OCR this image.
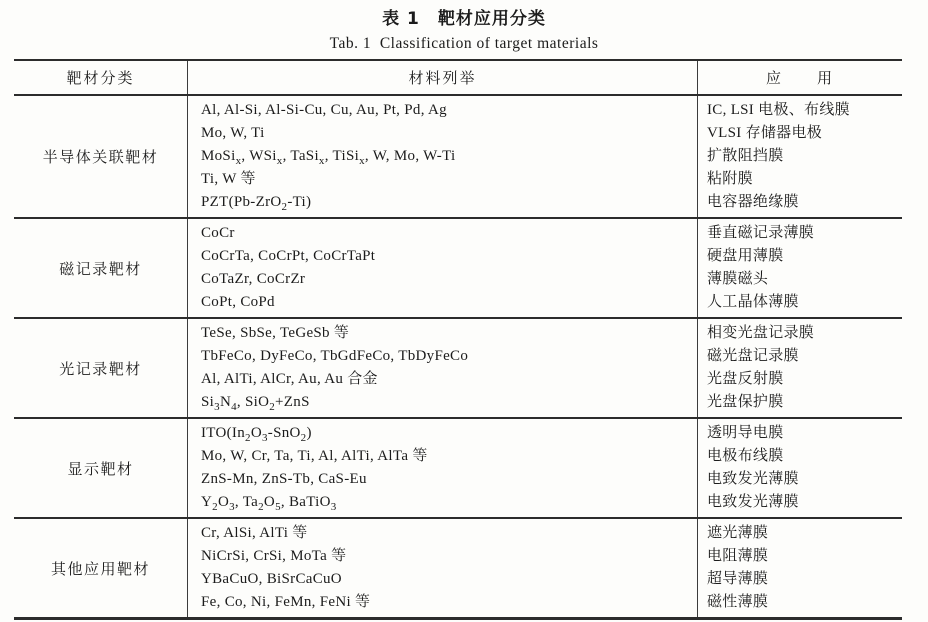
表 1　靶材应用分类
Tab. 1  Classification of target materials
靶材分类	材料列举	应　　用
半导体关联靶材
Al, Al-Si, Al-Si-Cu, Cu, Au, Pt, Pd, Ag
Mo, W, Ti
MoSi$_x$, WSi$_x$, TaSi$_x$, TiSi$_x$, W, Mo, W-Ti
Ti, W 等
PZT(Pb-ZrO$_2$-Ti)
IC, LSI 电极、布线膜
VLSI 存储器电极
扩散阻挡膜
粘附膜
电容器绝缘膜
磁记录靶材
CoCr
CoCrTa, CoCrPt, CoCrTaPt
CoTaZr, CoCrZr
CoPt, CoPd
垂直磁记录薄膜
硬盘用薄膜
薄膜磁头
人工晶体薄膜
光记录靶材
TeSe, SbSe, TeGeSb 等
TbFeCo, DyFeCo, TbGdFeCo, TbDyFeCo
Al, AlTi, AlCr, Au, Au 合金
$Si_3N_4$, SiO$_2$+ZnS
相变光盘记录膜
磁光盘记录膜
光盘反射膜
光盘保护膜
显示靶材
$ITO(In_2O_3-SnO_2)$
Mo, W, Cr, Ta, Ti, Al, AlTi, AlTa 等
ZnS-Mn, ZnS-Tb, CaS-Eu
$Y_2O_3$, $Ta_2O_5$, BaTiO$_3$
透明导电膜
电极布线膜
电致发光薄膜
电致发光薄膜
其他应用靶材
Cr, AlSi, AlTi 等
NiCrSi, CrSi, MoTa 等
YBaCuO, BiSrCaCuO
Fe, Co, Ni, FeMn, FeNi 等
遮光薄膜
电阻薄膜
超导薄膜
磁性薄膜
